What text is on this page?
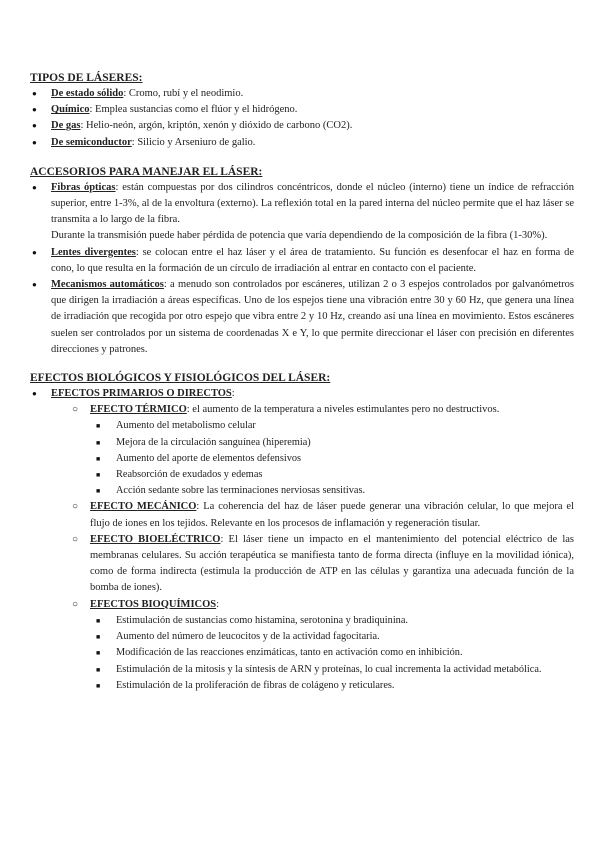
TIPOS DE LÁSERES:

● De estado sólido: Cromo, rubí y el neodimio.
● Químico: Emplea sustancias como el flúor y el hidrógeno.
● De gas: Helio-neón, argón, kriptón, xenón y dióxido de carbono (CO2).
● De semiconductor: Silicio y Arseniuro de galio.

ACCESORIOS PARA MANEJAR EL LÁSER:

● Fibras ópticas: están compuestas por dos cilindros concéntricos, donde el núcleo (interno) tiene un índice de refracción superior, entre 1-3%, al de la envoltura (externo). La reflexión total en la pared interna del núcleo permite que el haz láser se transmita a lo largo de la fibra.
Durante la transmisión puede haber pérdida de potencia que varía dependiendo de la composición de la fibra (1-30%).
● Lentes divergentes: se colocan entre el haz láser y el área de tratamiento. Su función es desenfocar el haz en forma de cono, lo que resulta en la formación de un círculo de irradiación al entrar en contacto con el paciente.
● Mecanismos automáticos: a menudo son controlados por escáneres, utilizan 2 o 3 espejos controlados por galvanómetros que dirigen la irradiación a áreas específicas. Uno de los espejos tiene una vibración entre 30 y 60 Hz, que genera una línea de irradiación que recogida por otro espejo que vibra entre 2 y 10 Hz, creando así una línea en movimiento. Estos escáneres suelen ser controlados por un sistema de coordenadas X e Y, lo que permite direccionar el láser con precisión en diferentes direcciones y patrones.

EFECTOS BIOLÓGICOS Y FISIOLÓGICOS DEL LÁSER:

● EFECTOS PRIMARIOS O DIRECTOS:
○ EFECTO TÉRMICO: el aumento de la temperatura a niveles estimulantes pero no destructivos.
■ Aumento del metabolismo celular
■ Mejora de la circulación sanguínea (hiperemia)
■ Aumento del aporte de elementos defensivos
■ Reabsorción de exudados y edemas
■ Acción sedante sobre las terminaciones nerviosas sensitivas.
○ EFECTO MECÁNICO: La coherencia del haz de láser puede generar una vibración celular, lo que mejora el flujo de iones en los tejidos. Relevante en los procesos de inflamación y regeneración tisular.
○ EFECTO BIOELÉCTRICO: El láser tiene un impacto en el mantenimiento del potencial eléctrico de las membranas celulares. Su acción terapéutica se manifiesta tanto de forma directa (influye en la movilidad iónica), como de forma indirecta (estimula la producción de ATP en las células y garantiza una adecuada función de la bomba de iones).
○ EFECTOS BIOQUÍMICOS:
■ Estimulación de sustancias como histamina, serotonina y bradiquinina.
■ Aumento del número de leucocitos y de la actividad fagocitaria.
■ Modificación de las reacciones enzimáticas, tanto en activación como en inhibición.
■ Estimulación de la mitosis y la síntesis de ARN y proteínas, lo cual incrementa la actividad metabólica.
■ Estimulación de la proliferación de fibras de colágeno y reticulares.
